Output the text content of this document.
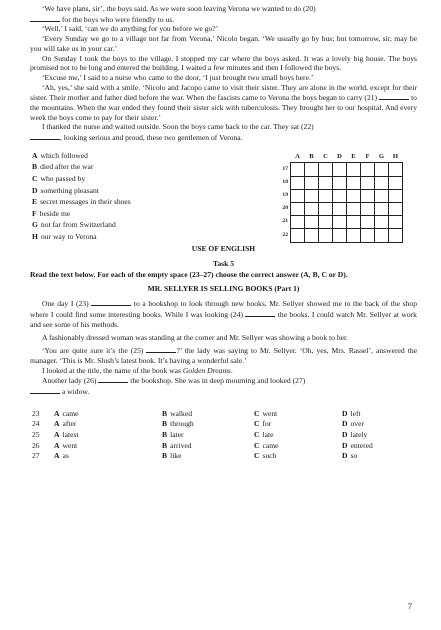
‘We have plans, sir’, the boys said. As we were soon leaving Verona we wanted to do (20)
for the boys who were friendly to us.

‘Well,’ I said, ‘can we do anything for you before we go?’

‘Every Sunday we go to a village not far from Verona,’ Nicolo began. ‘We usually go by bus; but tomorrow, sir, may be you will take us in your car.’

On Sunday I took the boys to the village. I stopped my car where the boys asked. It was a lovely big house. The boys promised not to be long and entered the building. I waited a few minutes and then I followed the boys.

‘Excuse me,’ I said to a nurse who came to the door, ‘I just brought two small boys here.’

‘Ah, yes,’ she said with a smile. ‘Nicolo and Jacopo came to visit their sister. They are alone in the world, except for their sister. Their mother and father died before the war. When the fascists came to Verona the boys began to carry (21)	to the mountains. When the war ended they found their sister sick with tuberculosis. They brought her to our hospital. And every week the boys come to pay for their sister.’

I thanked the nurse and waited outside. Soon the boys came back to the car. They sat (22)
, looking serious and proud, these two gentlemen of Verona.

A which followed
B died after the war
C who passed by
D something pleasant
E secret messages in their shoes
F beside me
G not far from Switzerland
H our way to Verona
	A	B	C	D	E	F	G	H
17								
18								
19								
20								
21								
22								
USE OF ENGLISH
Task 5

Read the text below. For each of the empty space (23–27) choose the correct answer (A, B, C or D).

MR. SELLYER IS SELLING BOOKS (Part 1)

One day I (23)	to a bookshop to look through new books. Mr. Sellyer showed me to the back of the shop where I could find some interesting books. While I was looking (24)	the books, I could watch Mr. Sellyer at work and see some of his methods.

A fashionably dressed woman was standing at the corner and Mr. Sellyer was showing a book to her.

‘You are quite sure it’s the (25)	?’ the lady was saying to Mr. Sellyer. ‘Oh, yes, Mrs. Rassel’, answered the manager. ‘This is Mr. Slush’s latest book. It’s having a wonderful sale.’

I looked at the title, the name of the book was Golden Dreams.

Another lady (26)	the bookshop. She was in deep mourning and looked (27)
a widow.

23	A came	B walked	C went	D left
24	A after	B through	C for	D over
25	A latest	B later	C late	D lately
26	A went	B arrived	C came	D entered
27	A as	B like	C such	D so
7
